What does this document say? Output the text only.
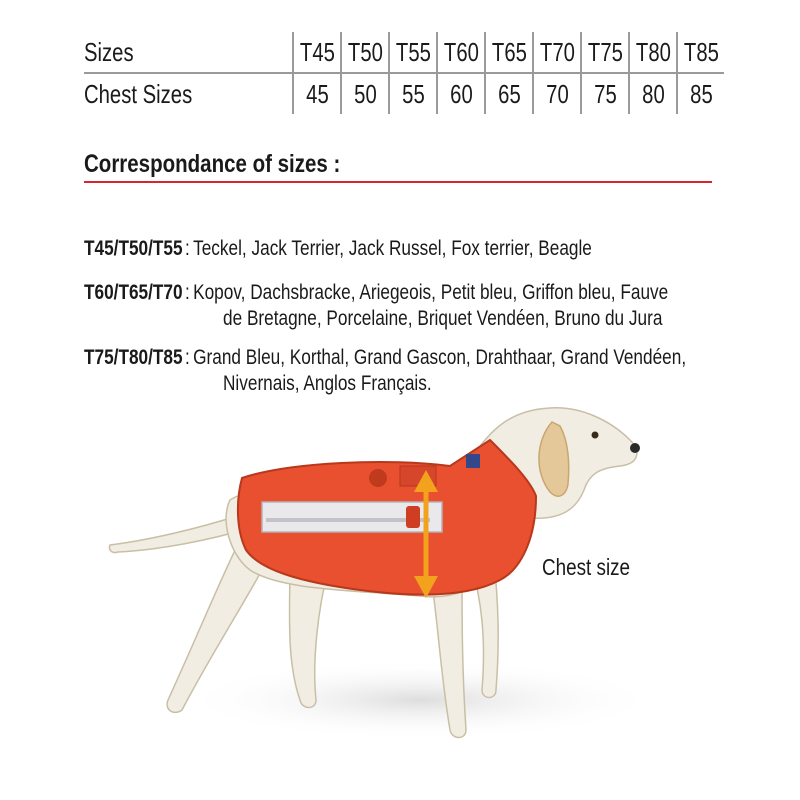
Sizes	T45	T50	T55	T60	T65	T70	T75	T80	T85
Chest Sizes	45	50	55	60	65	70	75	80	85
Correspondance of sizes :
T45/T50/T55 : Teckel, Jack Terrier, Jack Russel, Fox terrier, Beagle
T60/T65/T70 : Kopov, Dachsbracke, Ariegeois, Petit bleu, Griffon bleu, Fauve
de Bretagne, Porcelaine, Briquet Vendéen, Bruno du Jura
T75/T80/T85 : Grand Bleu, Korthal, Grand Gascon, Drahthaar, Grand Vendéen,
Nivernais, Anglos Français.
Chest size
